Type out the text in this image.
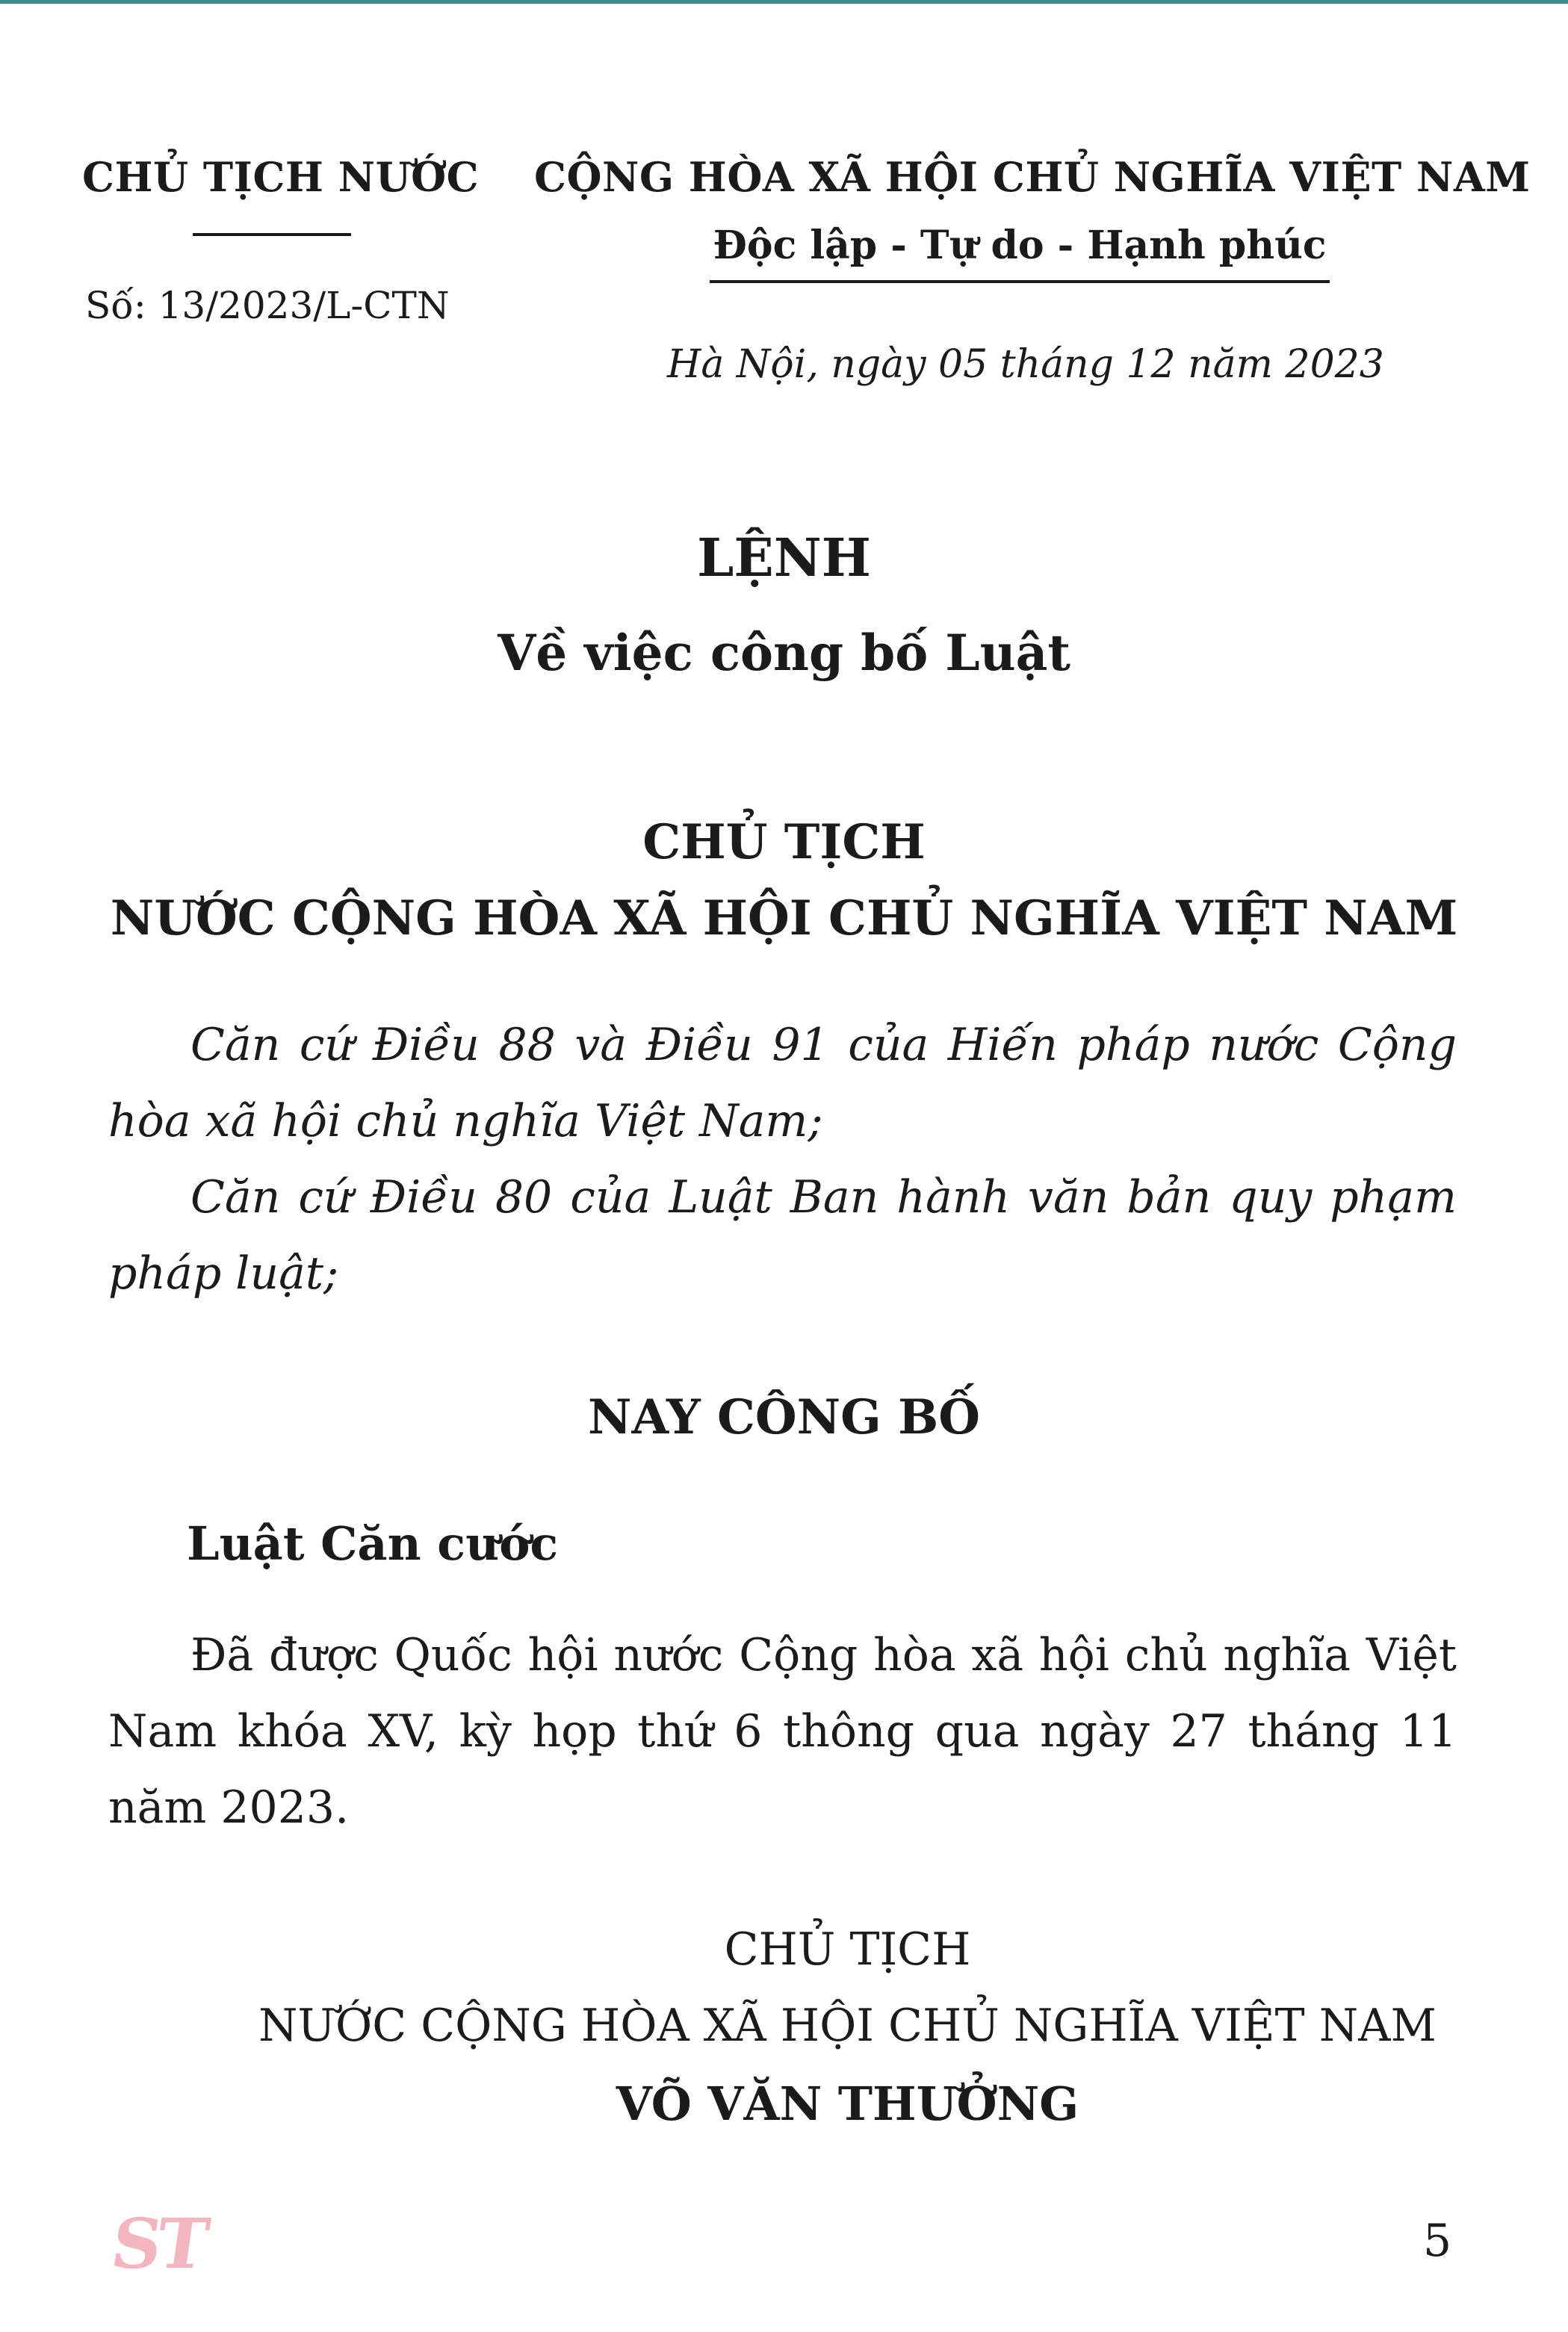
CHỦ TỊCH NƯỚC
Số: 13/2023/L-CTN
CỘNG HÒA XÃ HỘI CHỦ NGHĨA VIỆT NAM
Độc lập - Tự do - Hạnh phúc
Hà Nội, ngày 05 tháng 12 năm 2023
LỆNH
Về việc công bố Luật
CHỦ TỊCH
NƯỚC CỘNG HÒA XÃ HỘI CHỦ NGHĨA VIỆT NAM

Căn cứ Điều 88 và Điều 91 của Hiến pháp nước Cộng hòa xã hội chủ nghĩa Việt Nam;

Căn cứ Điều 80 của Luật Ban hành văn bản quy phạm pháp luật;

NAY CÔNG BỐ
Luật Căn cước

Đã được Quốc hội nước Cộng hòa xã hội chủ nghĩa Việt Nam khóa XV, kỳ họp thứ 6 thông qua ngày 27 tháng 11 năm 2023.

CHỦ TỊCH
NƯỚC CỘNG HÒA XÃ HỘI CHỦ NGHĨA VIỆT NAM
VÕ VĂN THƯỞNG
ST	5
